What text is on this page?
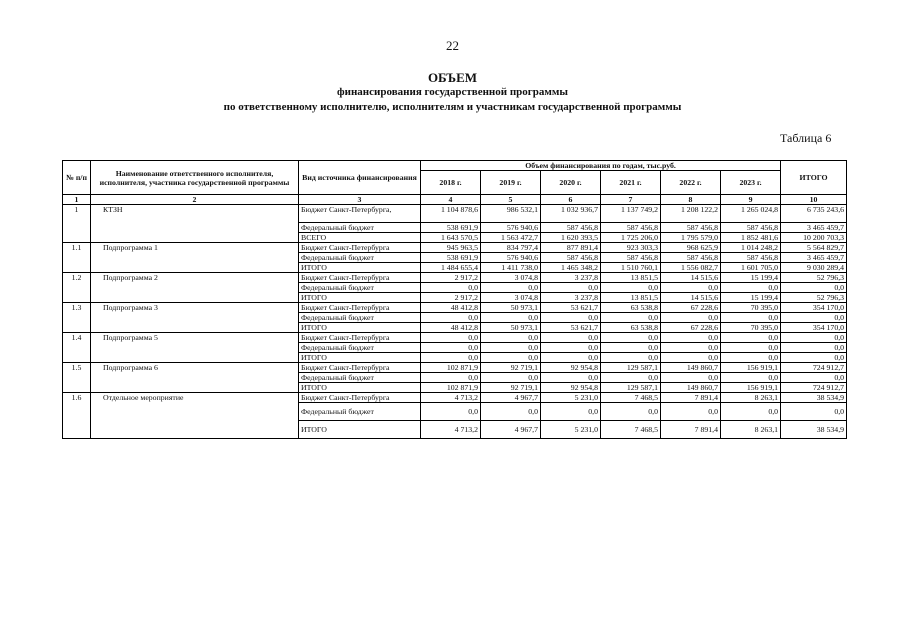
22
ОБЪЕМ
финансирования государственной программы
по ответственному исполнителю, исполнителям и участникам государственной программы
Таблица 6
№ п/п	Наименование ответственного исполнителя, исполнителя, участника государственной программы	Вид источника финансирования	Объем финансирования по годам, тыс.руб.						ИТОГО
			2018 г.	2019 г.	2020 г.	2021 г.	2022 г.	2023 г.	
1	2	3	4	5	6	7	8	9	10
1	КТЗН	Бюджет Санкт-Петербурга,	1 104 878,6	986 532,1	1 032 936,7	1 137 749,2	1 208 122,2	1 265 024,8	6 735 243,6
		Федеральный бюджет	538 691,9	576 940,6	587 456,8	587 456,8	587 456,8	587 456,8	3 465 459,7
		ВСЕГО	1 643 570,5	1 563 472,7	1 620 393,5	1 725 206,0	1 795 579,0	1 852 481,6	10 200 703,3
1.1	Подпрограмма 1	Бюджет Санкт-Петербурга	945 963,5	834 797,4	877 891,4	923 303,3	968 625,9	1 014 248,2	5 564 829,7
		Федеральный бюджет	538 691,9	576 940,6	587 456,8	587 456,8	587 456,8	587 456,8	3 465 459,7
		ИТОГО	1 484 655,4	1 411 738,0	1 465 348,2	1 510 760,1	1 556 082,7	1 601 705,0	9 030 289,4
1.2	Подпрограмма 2	Бюджет Санкт-Петербурга	2 917,2	3 074,8	3 237,8	13 851,5	14 515,6	15 199,4	52 796,3
		Федеральный бюджет	0,0	0,0	0,0	0,0	0,0	0,0	0,0
		ИТОГО	2 917,2	3 074,8	3 237,8	13 851,5	14 515,6	15 199,4	52 796,3
1.3	Подпрограмма 3	Бюджет Санкт-Петербурга	48 412,8	50 973,1	53 621,7	63 538,8	67 228,6	70 395,0	354 170,0
		Федеральный бюджет	0,0	0,0	0,0	0,0	0,0	0,0	0,0
		ИТОГО	48 412,8	50 973,1	53 621,7	63 538,8	67 228,6	70 395,0	354 170,0
1.4	Подпрограмма 5	Бюджет Санкт-Петербурга	0,0	0,0	0,0	0,0	0,0	0,0	0,0
		Федеральный бюджет	0,0	0,0	0,0	0,0	0,0	0,0	0,0
		ИТОГО	0,0	0,0	0,0	0,0	0,0	0,0	0,0
1.5	Подпрограмма 6	Бюджет Санкт-Петербурга	102 871,9	92 719,1	92 954,8	129 587,1	149 860,7	156 919,1	724 912,7
		Федеральный бюджет	0,0	0,0	0,0	0,0	0,0	0,0	0,0
		ИТОГО	102 871,9	92 719,1	92 954,8	129 587,1	149 860,7	156 919,1	724 912,7
1.6	Отдельное мероприятие	Бюджет Санкт-Петербурга	4 713,2	4 967,7	5 231,0	7 468,5	7 891,4	8 263,1	38 534,9
		Федеральный бюджет	0,0	0,0	0,0	0,0	0,0	0,0	0,0
		ИТОГО	4 713,2	4 967,7	5 231,0	7 468,5	7 891,4	8 263,1	38 534,9
